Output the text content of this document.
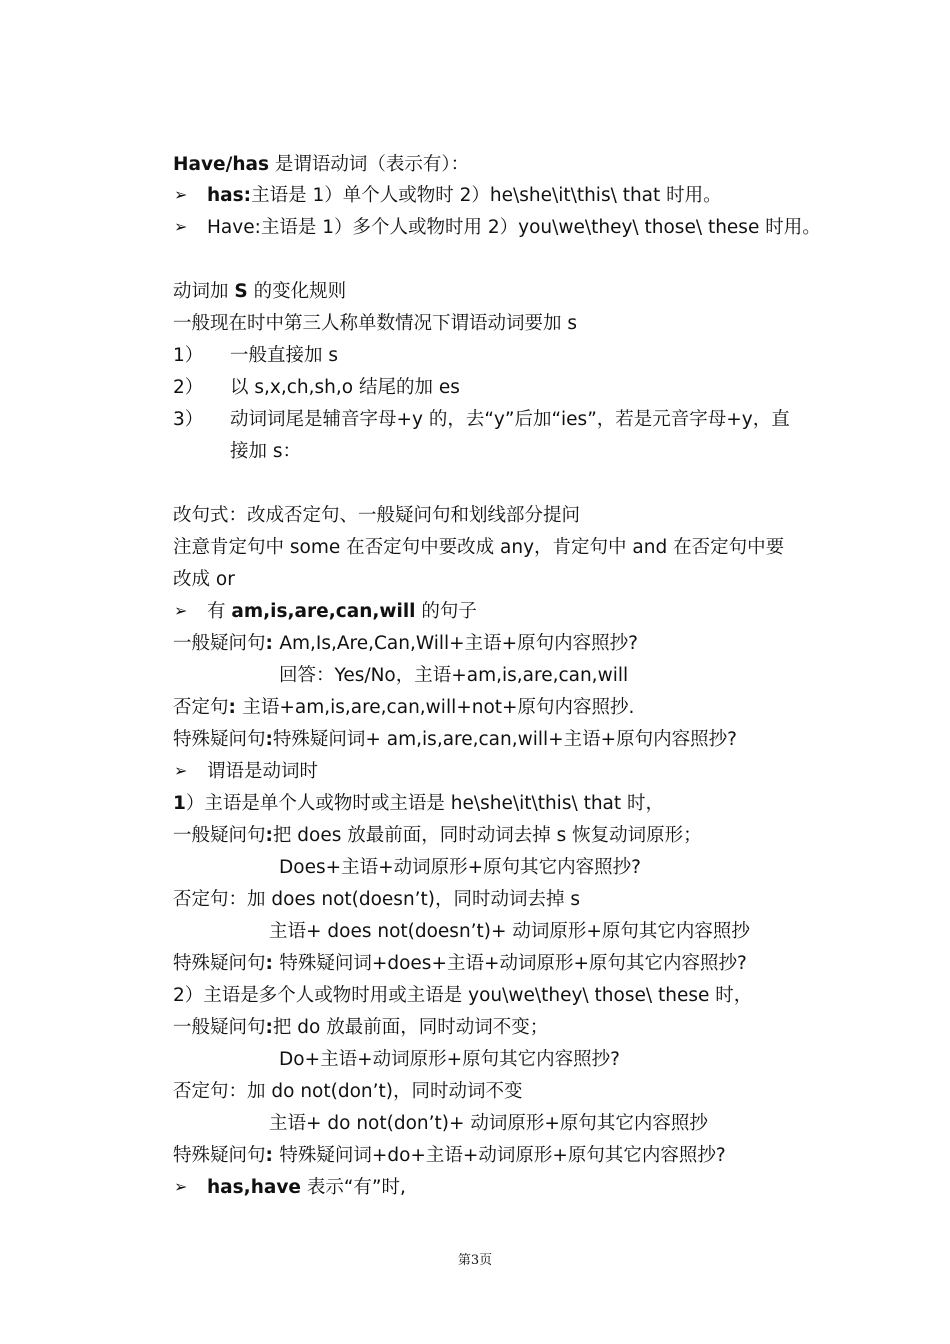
Have/has 是谓语动词（表示有）：
➢ has:主语是 1）单个人或物时 2）he\she\it\this\ that 时用。
➢ Have:主语是 1）多个人或物时用 2）you\we\they\ those\ these 时用。
动词加 S 的变化规则
一般现在时中第三人称单数情况下谓语动词要加 s
1） 一般直接加 s
2） 以 s,x,ch,sh,o 结尾的加 es
3） 动词词尾是辅音字母+y 的，去“y”后加“ies”，若是元音字母+y，直
接加 s：
改句式：改成否定句、一般疑问句和划线部分提问
注意肯定句中 some 在否定句中要改成 any，肯定句中 and 在否定句中要
改成 or
➢ 有 am,is,are,can,will 的句子
一般疑问句: Am,Is,Are,Can,Will+主语+原句内容照抄?
回答：Yes/No，主语+am,is,are,can,will
否定句: 主语+am,is,are,can,will+not+原句内容照抄.
特殊疑问句:特殊疑问词+ am,is,are,can,will+主语+原句内容照抄?
➢ 谓语是动词时
1）主语是单个人或物时或主语是 he\she\it\this\ that 时，
一般疑问句:把 does 放最前面，同时动词去掉 s 恢复动词原形；
Does+主语+动词原形+原句其它内容照抄?
否定句：加 does not(doesn’t)，同时动词去掉 s
主语+ does not(doesn’t)+ 动词原形+原句其它内容照抄
特殊疑问句: 特殊疑问词+does+主语+动词原形+原句其它内容照抄?
2）主语是多个人或物时用或主语是 you\we\they\ those\ these 时，
一般疑问句:把 do 放最前面，同时动词不变；
Do+主语+动词原形+原句其它内容照抄?
否定句：加 do not(don’t)，同时动词不变
主语+ do not(don’t)+ 动词原形+原句其它内容照抄
特殊疑问句: 特殊疑问词+do+主语+动词原形+原句其它内容照抄?
➢ has,have 表示“有”时,
第3页
